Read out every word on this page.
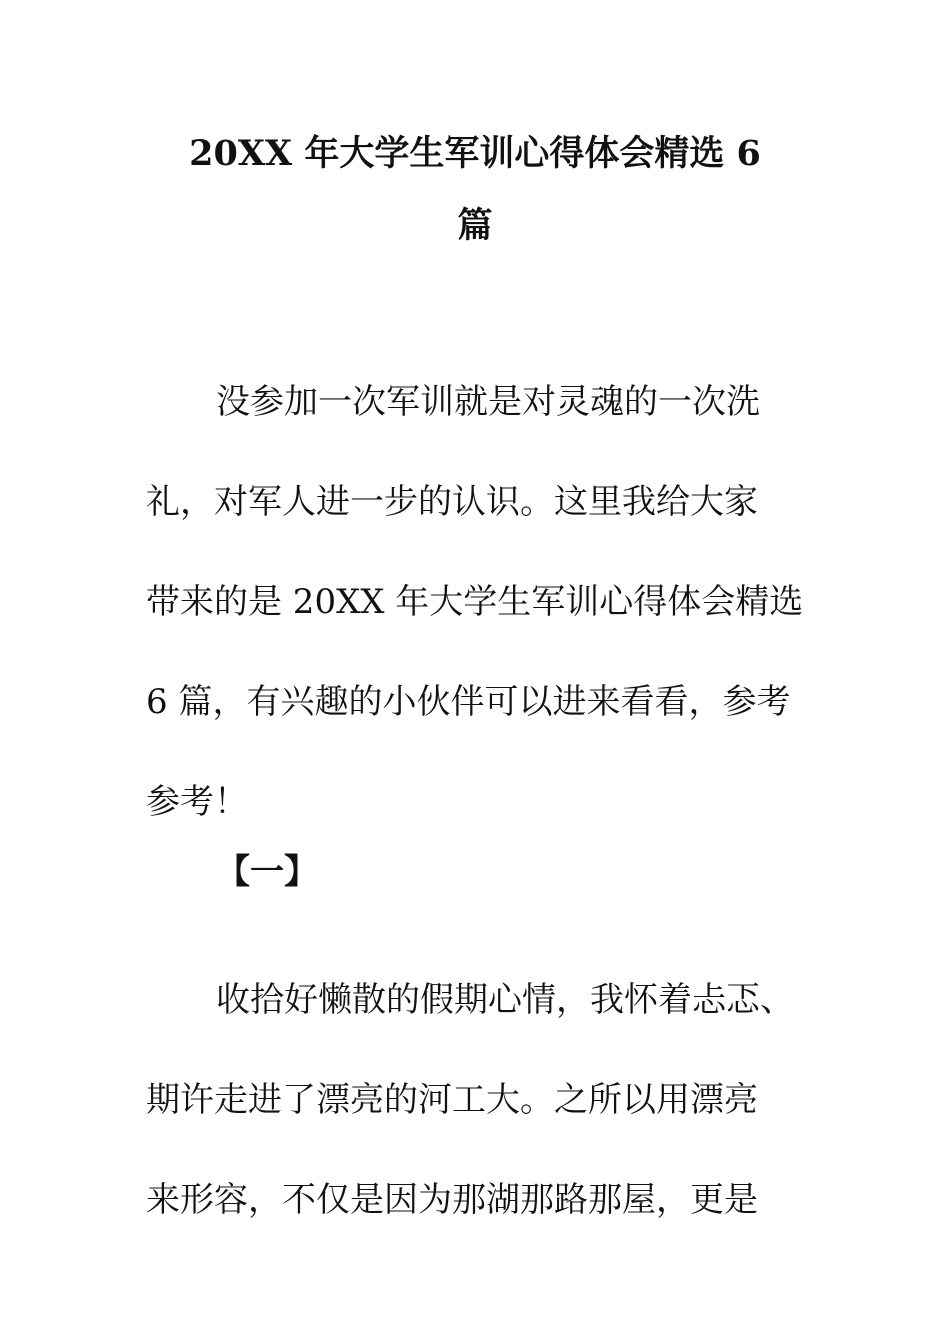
20XX 年大学生军训心得体会精选 6
篇

没参加一次军训就是对灵魂的一次洗
礼，对军人进一步的认识。这里我给大家
带来的是 20XX 年大学生军训心得体会精选
6 篇，有兴趣的小伙伴可以进来看看，参考
参考！

【一】

收拾好懒散的假期心情，我怀着忐忑、
期许走进了漂亮的河工大。之所以用漂亮
来形容，不仅是因为那湖那路那屋，更是
